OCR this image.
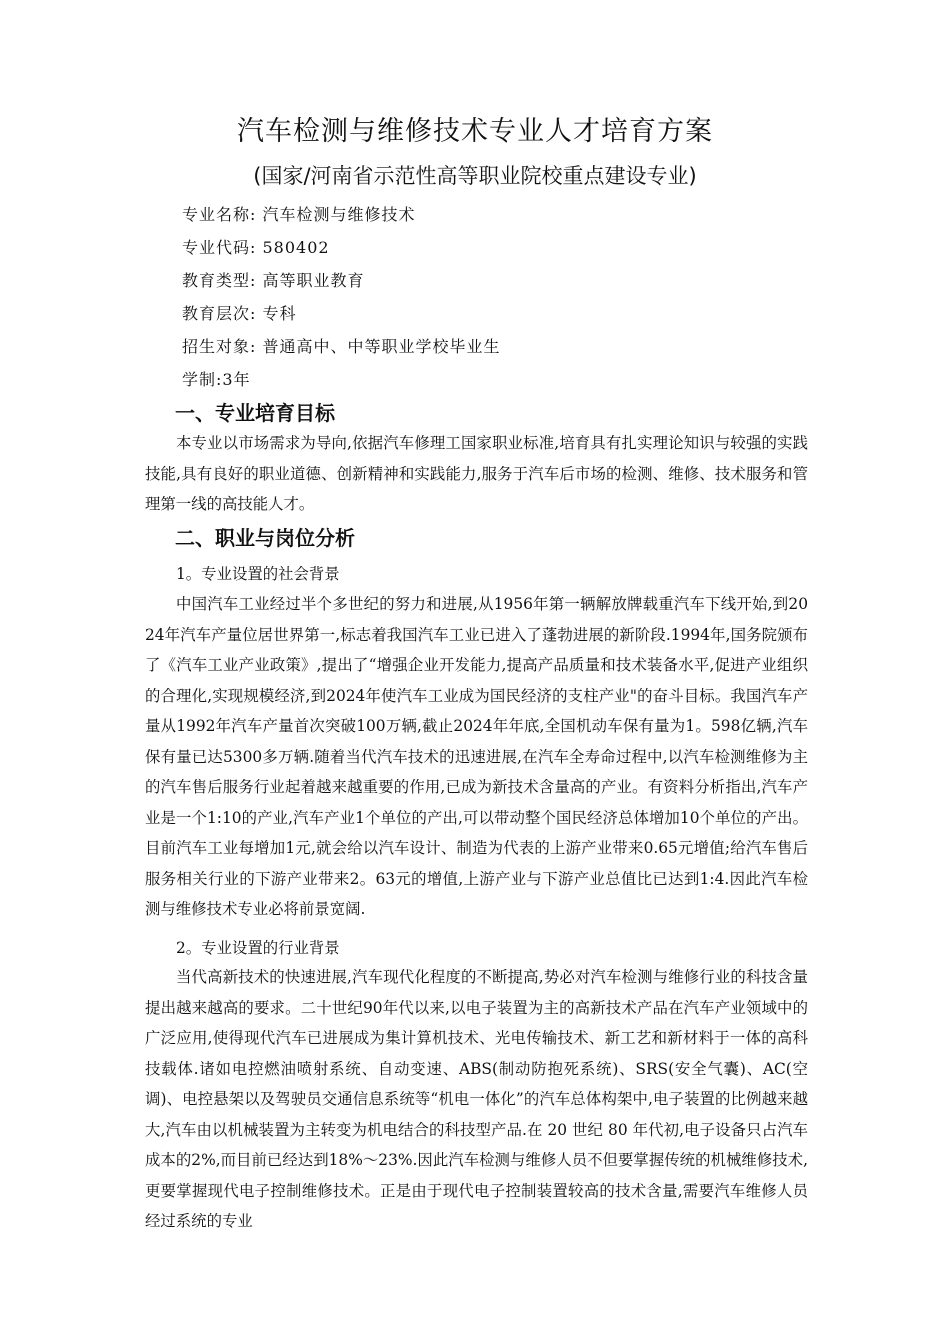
汽车检测与维修技术专业人才培育方案
(国家/河南省示范性高等职业院校重点建设专业)
专业名称: 汽车检测与维修技术
专业代码: 580402
教育类型: 高等职业教育
教育层次: 专科
招生对象: 普通高中、中等职业学校毕业生
学制:3年
一、专业培育目标
本专业以市场需求为导向,依据汽车修理工国家职业标准,培育具有扎实理论知识与较强的实践技能,具有良好的职业道德、创新精神和实践能力,服务于汽车后市场的检测、维修、技术服务和管理第一线的高技能人才。
二、职业与岗位分析
1。专业设置的社会背景
中国汽车工业经过半个多世纪的努力和进展,从1956年第一辆解放牌载重汽车下线开始,到2024年汽车产量位居世界第一,标志着我国汽车工业已进入了蓬勃进展的新阶段.1994年,国务院颁布了《汽车工业产业政策》,提出了“增强企业开发能力,提高产品质量和技术装备水平,促进产业组织的合理化,实现规模经济,到2024年使汽车工业成为国民经济的支柱产业"的奋斗目标。我国汽车产量从1992年汽车产量首次突破100万辆,截止2024年年底,全国机动车保有量为1。598亿辆,汽车保有量已达5300多万辆.随着当代汽车技术的迅速进展,在汽车全寿命过程中,以汽车检测维修为主的汽车售后服务行业起着越来越重要的作用,已成为新技术含量高的产业。有资料分析指出,汽车产业是一个1:10的产业,汽车产业1个单位的产出,可以带动整个国民经济总体增加10个单位的产出。目前汽车工业每增加1元,就会给以汽车设计、制造为代表的上游产业带来0.65元增值;给汽车售后服务相关行业的下游产业带来2。63元的增值,上游产业与下游产业总值比已达到1:4.因此汽车检测与维修技术专业必将前景宽阔.
2。专业设置的行业背景
当代高新技术的快速进展,汽车现代化程度的不断提高,势必对汽车检测与维修行业的科技含量提出越来越高的要求。二十世纪90年代以来,以电子装置为主的高新技术产品在汽车产业领域中的广泛应用,使得现代汽车已进展成为集计算机技术、光电传输技术、新工艺和新材料于一体的高科技载体.诸如电控燃油喷射系统、自动变速、ABS(制动防抱死系统)、SRS(安全气囊)、AC(空调)、电控悬架以及驾驶员交通信息系统等“机电一体化”的汽车总体构架中,电子装置的比例越来越大,汽车由以机械装置为主转变为机电结合的科技型产品.在 20 世纪 80 年代初,电子设备只占汽车成本的2%,而目前已经达到18%～23%.因此汽车检测与维修人员不但要掌握传统的机械维修技术,更要掌握现代电子控制维修技术。正是由于现代电子控制装置较高的技术含量,需要汽车维修人员经过系统的专业
